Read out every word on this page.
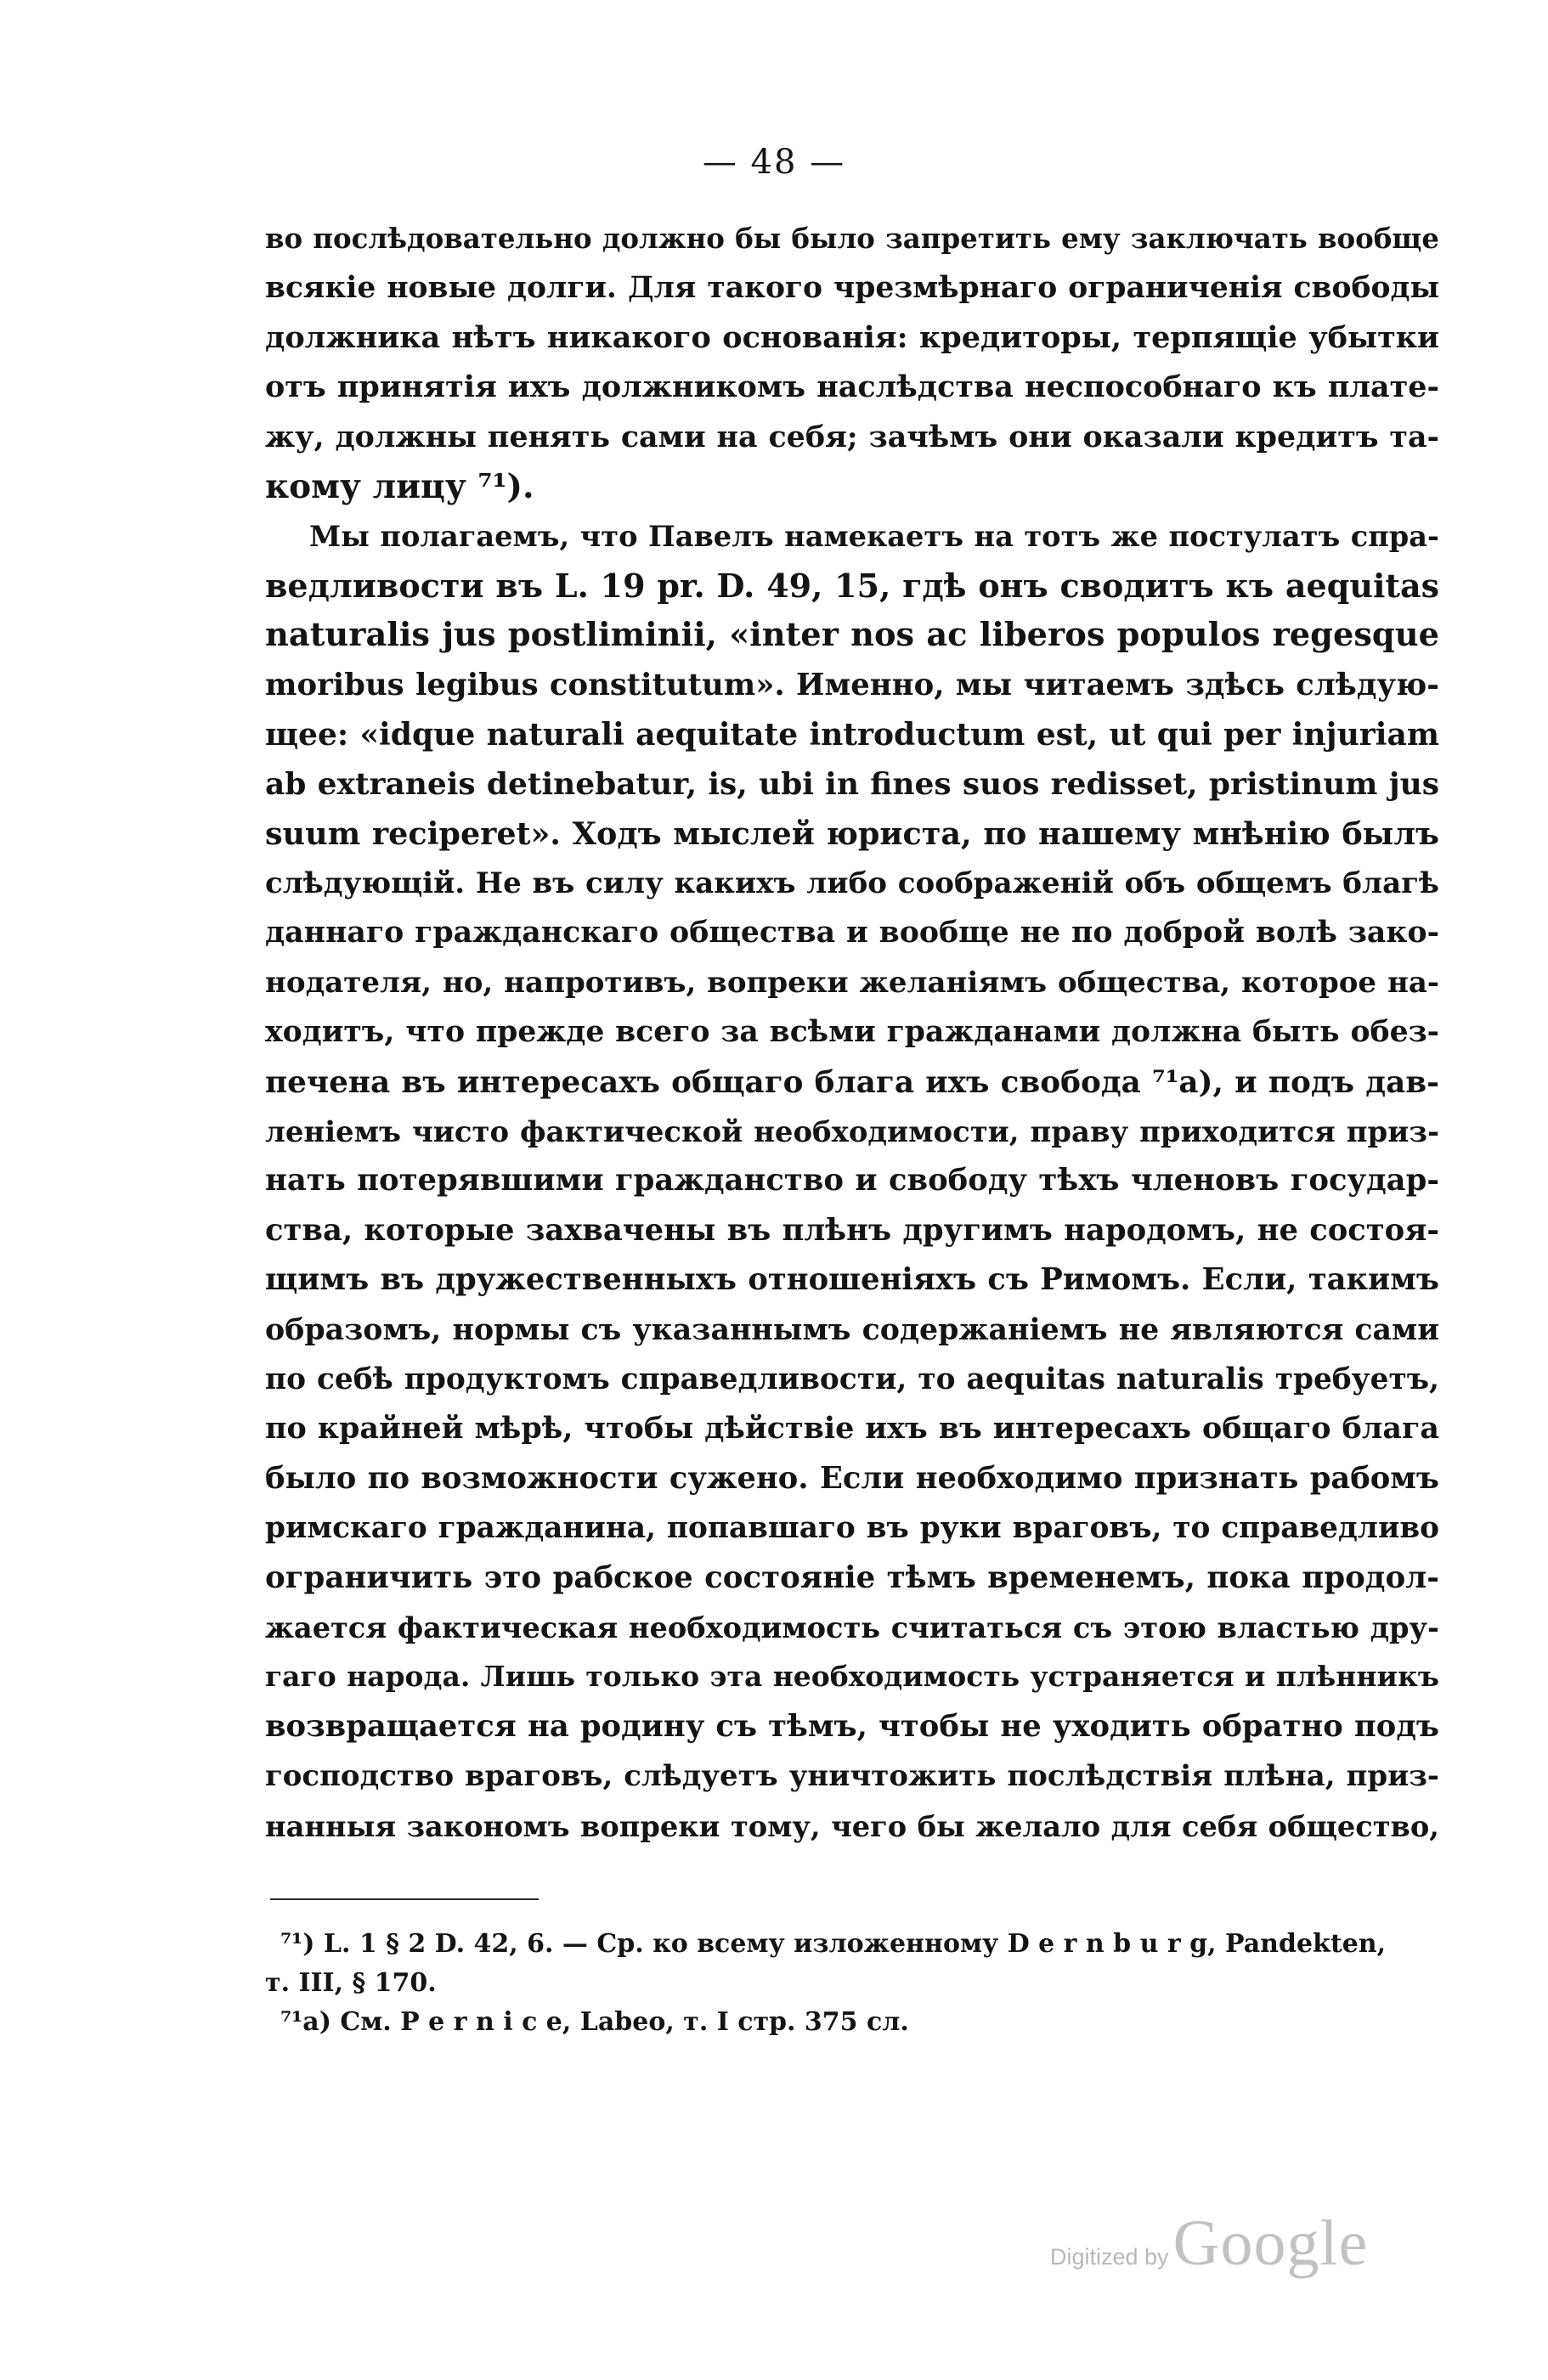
— 48 —
во послѣдовательно должно бы было запретить ему заключать вообще
всякіе новые долги. Для такого чрезмѣрнаго ограниченія свободы
должника нѣтъ никакого основанія: кредиторы, терпящіе убытки
отъ принятія ихъ должникомъ наслѣдства неспособнаго къ плате-
жу, должны пенять сами на себя; зачѣмъ они оказали кредитъ та-
кому лицу ⁷¹).
Мы полагаемъ, что Павелъ намекаетъ на тотъ же постулатъ спра-
ведливости въ L. 19 pr. D. 49, 15, гдѣ онъ сводитъ къ aequitas
naturalis jus postliminii, «inter nos ac liberos populos regesque
moribus legibus constitutum». Именно, мы читаемъ здѣсь слѣдую-
щее: «idque naturali aequitate introductum est, ut qui per injuriam
ab extraneis detinebatur, is, ubi in fines suos redisset, pristinum jus
suum reciperet». Ходъ мыслей юриста, по нашему мнѣнію былъ
слѣдующій. Не въ силу какихъ либо соображеній объ общемъ благѣ
даннаго гражданскаго общества и вообще не по доброй волѣ зако-
нодателя, но, напротивъ, вопреки желаніямъ общества, которое на-
ходитъ, что прежде всего за всѣми гражданами должна быть обез-
печена въ интересахъ общаго блага ихъ свобода ⁷¹а), и подъ дав-
леніемъ чисто фактической необходимости, праву приходится приз-
нать потерявшими гражданство и свободу тѣхъ членовъ государ-
ства, которые захвачены въ плѣнъ другимъ народомъ, не состоя-
щимъ въ дружественныхъ отношеніяхъ съ Римомъ. Если, такимъ
образомъ, нормы съ указаннымъ содержаніемъ не являются сами
по себѣ продуктомъ справедливости, то aequitas naturalis требуетъ,
по крайней мѣрѣ, чтобы дѣйствіе ихъ въ интересахъ общаго блага
было по возможности сужено. Если необходимо признать рабомъ
римскаго гражданина, попавшаго въ руки враговъ, то справедливо
ограничить это рабское состояніе тѣмъ временемъ, пока продол-
жается фактическая необходимость считаться съ этою властью дру-
гаго народа. Лишь только эта необходимость устраняется и плѣнникъ
возвращается на родину съ тѣмъ, чтобы не уходить обратно подъ
господство враговъ, слѣдуетъ уничтожить послѣдствія плѣна, приз-
нанныя закономъ вопреки тому, чего бы желало для себя общество,
⁷¹) L. 1 § 2 D. 42, 6. — Ср. ко всему изложенному D e r n b u r g, Pandekten,
т. III, § 170.
⁷¹а) См. P e r n i c e, Labeo, т. I стр. 375 сл.
Digitized by Google
